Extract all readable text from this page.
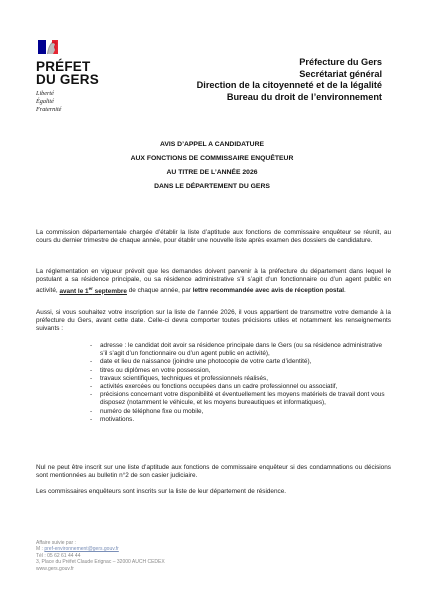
PRÉFET
DU GERS
Liberté
Égalité
Fraternité
Préfecture du Gers
Secrétariat général
Direction de la citoyenneté et de la légalité
Bureau du droit de l’environnement
AVIS D’APPEL A CANDIDATURE
AUX FONCTIONS DE COMMISSAIRE ENQUÊTEUR
AU TITRE DE L’ANNÉE 2026
DANS LE DÉPARTEMENT DU GERS
La commission départementale chargée d’établir la liste d’aptitude aux fonctions de commissaire enquêteur se réunit, au cours du dernier trimestre de chaque année, pour établir une nouvelle liste après examen des dossiers de candidature.
La réglementation en vigueur prévoit que les demandes doivent parvenir à la préfecture du département dans lequel le postulant a sa résidence principale, ou sa résidence administrative s’il s’agit d’un fonctionnaire ou d’un agent public en activité, avant le 1er septembre de chaque année, par lettre recommandée avec avis de réception postal.
Aussi, si vous souhaitez votre inscription sur la liste de l’année 2026, il vous appartient de transmettre votre demande à la préfecture du Gers, avant cette date. Celle-ci devra comporter toutes précisions utiles et notamment les renseignements suivants :
- adresse : le candidat doit avoir sa résidence principale dans le Gers (ou sa résidence administrative s’il s’agit d’un fonctionnaire ou d’un agent public en activité),
- date et lieu de naissance (joindre une photocopie de votre carte d’identité),
- titres ou diplômes en votre possession,
- travaux scientifiques, techniques et professionnels réalisés,
- activités exercées ou fonctions occupées dans un cadre professionnel ou associatif,
- précisions concernant votre disponibilité et éventuellement les moyens matériels de travail dont vous disposez (notamment le véhicule, et les moyens bureautiques et informatiques),
- numéro de téléphone fixe ou mobile,
- motivations.
Nul ne peut être inscrit sur une liste d’aptitude aux fonctions de commissaire enquêteur si des condamnations ou décisions sont mentionnées au bulletin n°2 de son casier judiciaire.
Les commissaires enquêteurs sont inscrits sur la liste de leur département de résidence.
Affaire suivie par :
M : pref-environnement@gers.gouv.fr
Tél : 05 62 61 44 44
3, Place du Préfet Claude Erignac – 32000 AUCH CEDEX
www.gers.gouv.fr
